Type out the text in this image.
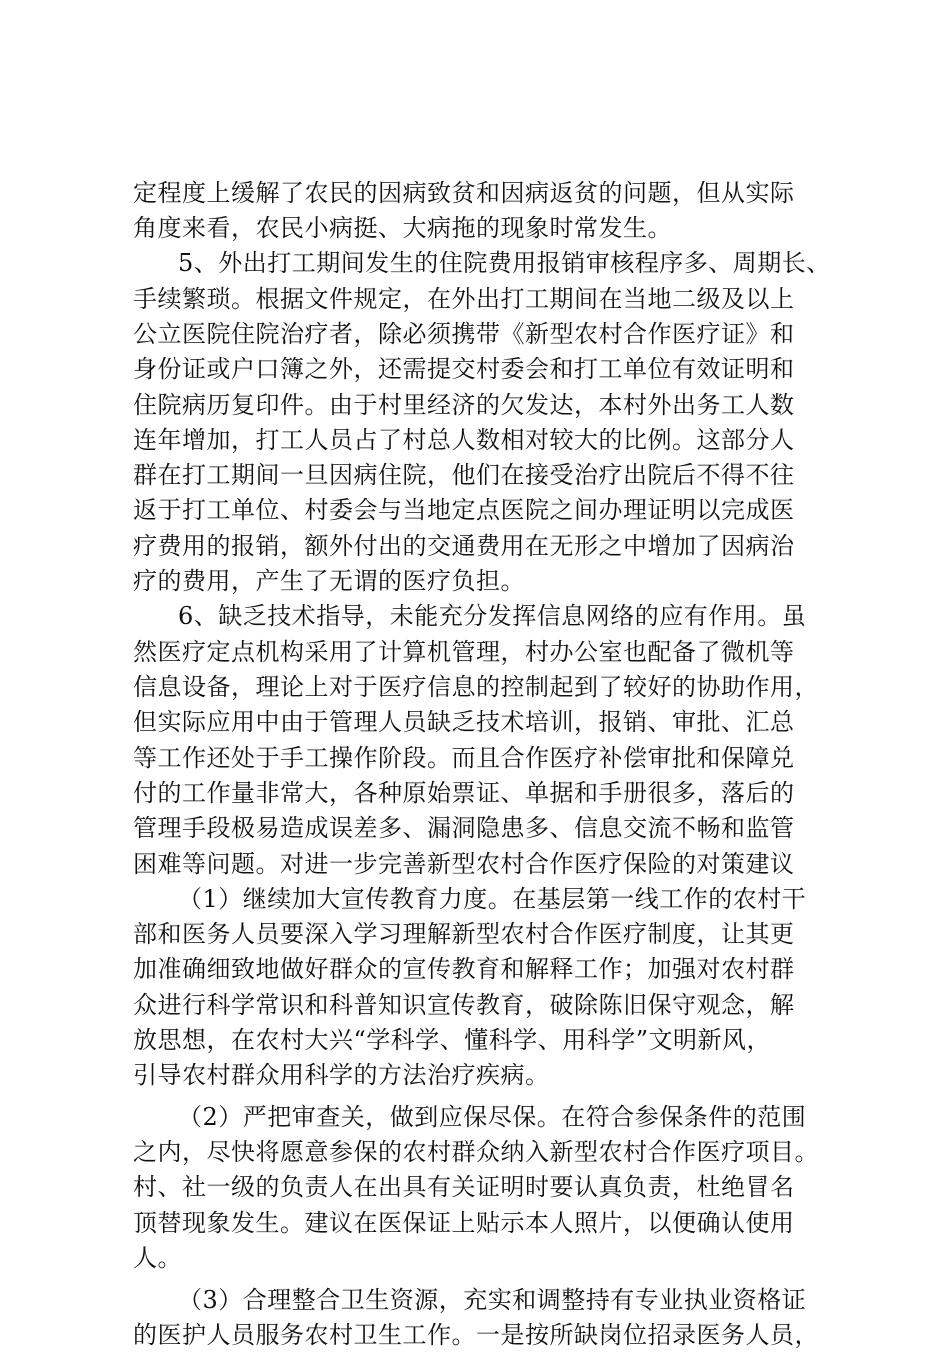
定程度上缓解了农民的因病致贫和因病返贫的问题，但从实际
角度来看，农民小病挺、大病拖的现象时常发生。
5、外出打工期间发生的住院费用报销审核程序多、周期长、
手续繁琐。根据文件规定，在外出打工期间在当地二级及以上
公立医院住院治疗者，除必须携带《新型农村合作医疗证》和
身份证或户口簿之外，还需提交村委会和打工单位有效证明和
住院病历复印件。由于村里经济的欠发达，本村外出务工人数
连年增加，打工人员占了村总人数相对较大的比例。这部分人
群在打工期间一旦因病住院，他们在接受治疗出院后不得不往
返于打工单位、村委会与当地定点医院之间办理证明以完成医
疗费用的报销，额外付出的交通费用在无形之中增加了因病治
疗的费用，产生了无谓的医疗负担。
6、缺乏技术指导，未能充分发挥信息网络的应有作用。虽
然医疗定点机构采用了计算机管理，村办公室也配备了微机等
信息设备，理论上对于医疗信息的控制起到了较好的协助作用，
但实际应用中由于管理人员缺乏技术培训，报销、审批、汇总
等工作还处于手工操作阶段。而且合作医疗补偿审批和保障兑
付的工作量非常大，各种原始票证、单据和手册很多，落后的
管理手段极易造成误差多、漏洞隐患多、信息交流不畅和监管
困难等问题。对进一步完善新型农村合作医疗保险的对策建议
（1）继续加大宣传教育力度。在基层第一线工作的农村干
部和医务人员要深入学习理解新型农村合作医疗制度，让其更
加准确细致地做好群众的宣传教育和解释工作；加强对农村群
众进行科学常识和科普知识宣传教育，破除陈旧保守观念，解
放思想，在农村大兴“学科学、懂科学、用科学”文明新风，
引导农村群众用科学的方法治疗疾病。
（2）严把审查关，做到应保尽保。在符合参保条件的范围
之内，尽快将愿意参保的农村群众纳入新型农村合作医疗项目。
村、社一级的负责人在出具有关证明时要认真负责，杜绝冒名
顶替现象发生。建议在医保证上贴示本人照片，以便确认使用
人。
（3）合理整合卫生资源，充实和调整持有专业执业资格证
的医护人员服务农村卫生工作。一是按所缺岗位招录医务人员，
